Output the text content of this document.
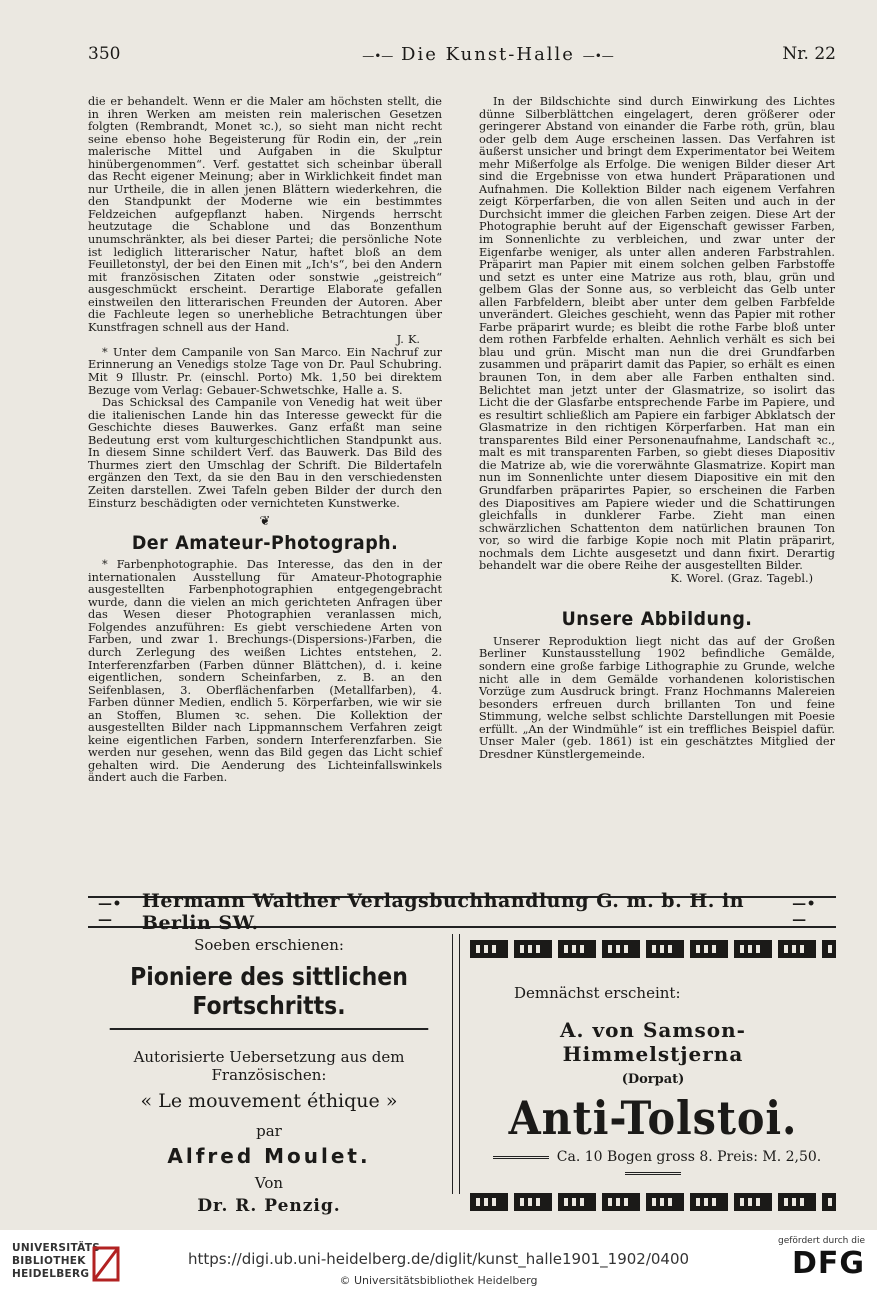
350	—•— Die Kunst-Halle —•—	Nr. 22

die er behandelt. Wenn er die Maler am höchsten stellt, die in ihren Werken am meisten rein malerischen Gesetzen folgten (Rembrandt, Monet ꝛc.), so sieht man nicht recht seine ebenso hohe Begeisterung für Rodin ein, der „rein malerische Mittel und Aufgaben in die Skulptur hinübergenommen“. Verf. gestattet sich scheinbar überall das Recht eigener Meinung; aber in Wirklichkeit findet man nur Urtheile, die in allen jenen Blättern wiederkehren, die den Standpunkt der Moderne wie ein bestimmtes Feldzeichen aufgepflanzt haben. Nirgends herrscht heutzutage die Schablone und das Bonzenthum unumschränkter, als bei dieser Partei; die persönliche Note ist lediglich litterarischer Natur, haftet bloß an dem Feuilletonstyl, der bei den Einen mit „Ich's“, bei den Andern mit französischen Zitaten oder sonstwie „geistreich“ ausgeschmückt erscheint. Derartige Elaborate gefallen einstweilen den litterarischen Freunden der Autoren. Aber die Fachleute legen so unerhebliche Betrachtungen über Kunstfragen schnell aus der Hand.

J. K.

* Unter dem Campanile von San Marco. Ein Nachruf zur Erinnerung an Venedigs stolze Tage von Dr. Paul Schubring. Mit 9 Illustr. Pr. (einschl. Porto) Mk. 1,50 bei direktem Bezuge vom Verlag: Gebauer-Schwetschke, Halle a. S.

Das Schicksal des Campanile von Venedig hat weit über die italienischen Lande hin das Interesse geweckt für die Geschichte dieses Bauwerkes. Ganz erfaßt man seine Bedeutung erst vom kulturgeschichtlichen Standpunkt aus. In diesem Sinne schildert Verf. das Bauwerk. Das Bild des Thurmes ziert den Umschlag der Schrift. Die Bildertafeln ergänzen den Text, da sie den Bau in den verschiedensten Zeiten darstellen. Zwei Tafeln geben Bilder der durch den Einsturz beschädigten oder vernichteten Kunstwerke.

❦
Der Amateur-Photograph.

* Farbenphotographie. Das Interesse, das den in der internationalen Ausstellung für Amateur-Photographie ausgestellten Farbenphotographien entgegengebracht wurde, dann die vielen an mich gerichteten Anfragen über das Wesen dieser Photographien veranlassen mich, Folgendes anzuführen: Es giebt verschiedene Arten von Farben, und zwar 1. Brechungs-(Dispersions-)Farben, die durch Zerlegung des weißen Lichtes entstehen, 2. Interferenzfarben (Farben dünner Blättchen), d. i. keine eigentlichen, sondern Scheinfarben, z. B. an den Seifenblasen, 3. Oberflächenfarben (Metallfarben), 4. Farben dünner Medien, endlich 5. Körperfarben, wie wir sie an Stoffen, Blumen ꝛc. sehen. Die Kollektion der ausgestellten Bilder nach Lippmannschem Verfahren zeigt keine eigentlichen Farben, sondern Interferenzfarben. Sie werden nur gesehen, wenn das Bild gegen das Licht schief gehalten wird. Die Aenderung des Lichteinfallswinkels ändert auch die Farben.

In der Bildschichte sind durch Einwirkung des Lichtes dünne Silberblättchen eingelagert, deren größerer oder geringerer Abstand von einander die Farbe roth, grün, blau oder gelb dem Auge erscheinen lassen. Das Verfahren ist äußerst unsicher und bringt dem Experimentator bei Weitem mehr Mißerfolge als Erfolge. Die wenigen Bilder dieser Art sind die Ergebnisse von etwa hundert Präparationen und Aufnahmen. Die Kollektion Bilder nach eigenem Verfahren zeigt Körperfarben, die von allen Seiten und auch in der Durchsicht immer die gleichen Farben zeigen. Diese Art der Photographie beruht auf der Eigenschaft gewisser Farben, im Sonnenlichte zu verbleichen, und zwar unter der Eigenfarbe weniger, als unter allen anderen Farbstrahlen. Präparirt man Papier mit einem solchen gelben Farbstoffe und setzt es unter eine Matrize aus roth, blau, grün und gelbem Glas der Sonne aus, so verbleicht das Gelb unter allen Farbfeldern, bleibt aber unter dem gelben Farbfelde unverändert. Gleiches geschieht, wenn das Papier mit rother Farbe präparirt wurde; es bleibt die rothe Farbe bloß unter dem rothen Farbfelde erhalten. Aehnlich verhält es sich bei blau und grün. Mischt man nun die drei Grundfarben zusammen und präparirt damit das Papier, so erhält es einen braunen Ton, in dem aber alle Farben enthalten sind. Belichtet man jetzt unter der Glasmatrize, so isolirt das Licht die der Glasfarbe entsprechende Farbe im Papiere, und es resultirt schließlich am Papiere ein farbiger Abklatsch der Glasmatrize in den richtigen Körperfarben. Hat man ein transparentes Bild einer Personenaufnahme, Landschaft ꝛc., malt es mit transparenten Farben, so giebt dieses Diapositiv die Matrize ab, wie die vorerwähnte Glasmatrize. Kopirt man nun im Sonnenlichte unter diesem Diapositive ein mit den Grundfarben präparirtes Papier, so erscheinen die Farben des Diapositives am Papiere wieder und die Schattirungen gleichfalls in dunklerer Farbe. Zieht man einen schwärzlichen Schattenton dem natürlichen braunen Ton vor, so wird die farbige Kopie noch mit Platin präparirt, nochmals dem Lichte ausgesetzt und dann fixirt. Derartig behandelt war die obere Reihe der ausgestellten Bilder.

K. Worel. (Graz. Tagebl.)
Unsere Abbildung.

Unserer Reproduktion liegt nicht das auf der Großen Berliner Kunstausstellung 1902 befindliche Gemälde, sondern eine große farbige Lithographie zu Grunde, welche nicht alle in dem Gemälde vorhandenen koloristischen Vorzüge zum Ausdruck bringt. Franz Hochmanns Malereien besonders erfreuen durch brillanten Ton und feine Stimmung, welche selbst schlichte Darstellungen mit Poesie erfüllt. „An der Windmühle“ ist ein treffliches Beispiel dafür. Unser Maler (geb. 1861) ist ein geschätztes Mitglied der Dresdner Künstlergemeinde.

—•—
Hermann Walther Verlagsbuchhandlung G. m. b. H. in Berlin SW.
—•—
Soeben erschienen:
Pioniere des sittlichen Fortschritts.
Autorisierte Uebersetzung aus dem Französischen:
« Le mouvement éthique »
par
Alfred Moulet.
Von
Dr. R. Penzig.
Demnächst erscheint:
A. von Samson-Himmelstjerna
(Dorpat)
Anti-Tolstoi.
Ca. 10 Bogen gross 8. Preis: M. 2,50.
UNIVERSITÄTS-
BIBLIOTHEK
HEIDELBERG
https://digi.ub.uni-heidelberg.de/diglit/kunst_halle1901_1902/0400
© Universitätsbibliothek Heidelberg
gefördert durch die
DFG
